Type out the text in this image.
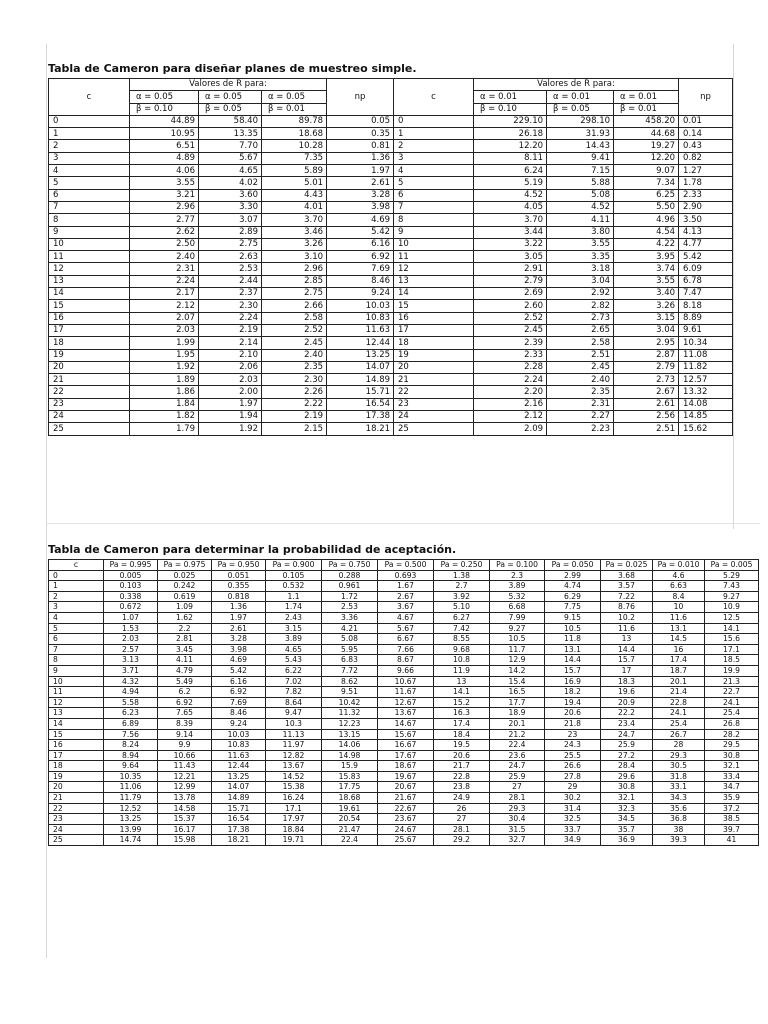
Tabla de Cameron para diseñar planes de muestreo simple.
	Valores de R para:					Valores de R para:			
c	α = 0.05	α = 0.05	α = 0.05	np	c	α = 0.01	α = 0.01	α = 0.01	np
	β = 0.10	β = 0.05	β = 0.01			β = 0.10	β = 0.05	β = 0.01	
0	44.89	58.40	89.78	0.05	0	229.10	298.10	458.20	0.01
1	10.95	13.35	18.68	0.35	1	26.18	31.93	44.68	0.14
2	6.51	7.70	10.28	0.81	2	12.20	14.43	19.27	0.43
3	4.89	5.67	7.35	1.36	3	8.11	9.41	12.20	0.82
4	4.06	4.65	5.89	1.97	4	6.24	7.15	9.07	1.27
5	3.55	4.02	5.01	2.61	5	5.19	5.88	7.34	1.78
6	3.21	3.60	4.43	3.28	6	4.52	5.08	6.25	2.33
7	2.96	3.30	4.01	3.98	7	4.05	4.52	5.50	2.90
8	2.77	3.07	3.70	4.69	8	3.70	4.11	4.96	3.50
9	2.62	2.89	3.46	5.42	9	3.44	3.80	4.54	4.13
10	2.50	2.75	3.26	6.16	10	3.22	3.55	4.22	4.77
11	2.40	2.63	3.10	6.92	11	3.05	3.35	3.95	5.42
12	2.31	2.53	2.96	7.69	12	2.91	3.18	3.74	6.09
13	2.24	2.44	2.85	8.46	13	2.79	3.04	3.55	6.78
14	2.17	2.37	2.75	9.24	14	2.69	2.92	3.40	7.47
15	2.12	2.30	2.66	10.03	15	2.60	2.82	3.26	8.18
16	2.07	2.24	2.58	10.83	16	2.52	2.73	3.15	8.89
17	2.03	2.19	2.52	11.63	17	2.45	2.65	3.04	9.61
18	1.99	2.14	2.45	12.44	18	2.39	2.58	2.95	10.34
19	1.95	2.10	2.40	13.25	19	2.33	2.51	2.87	11.08
20	1.92	2.06	2.35	14.07	20	2.28	2.45	2.79	11.82
21	1.89	2.03	2.30	14.89	21	2.24	2.40	2.73	12.57
22	1.86	2.00	2.26	15.71	22	2.20	2.35	2.67	13.32
23	1.84	1.97	2.22	16.54	23	2.16	2.31	2.61	14.08
24	1.82	1.94	2.19	17.38	24	2.12	2.27	2.56	14.85
25	1.79	1.92	2.15	18.21	25	2.09	2.23	2.51	15.62
Tabla de Cameron para determinar la probabilidad de aceptación.
c	Pa = 0.995	Pa = 0.975	Pa = 0.950	Pa = 0.900	Pa = 0.750	Pa = 0.500	Pa = 0.250	Pa = 0.100	Pa = 0.050	Pa = 0.025	Pa = 0.010	Pa = 0.005
0	0.005	0.025	0.051	0.105	0.288	0.693	1.38	2.3	2.99	3.68	4.6	5.29
1	0.103	0.242	0.355	0.532	0.961	1.67	2.7	3.89	4.74	3.57	6.63	7.43
2	0.338	0.619	0.818	1.1	1.72	2.67	3.92	5.32	6.29	7.22	8.4	9.27
3	0.672	1.09	1.36	1.74	2.53	3.67	5.10	6.68	7.75	8.76	10	10.9
4	1.07	1.62	1.97	2.43	3.36	4.67	6.27	7.99	9.15	10.2	11.6	12.5
5	1.53	2.2	2.61	3.15	4.21	5.67	7.42	9.27	10.5	11.6	13.1	14.1
6	2.03	2.81	3.28	3.89	5.08	6.67	8.55	10.5	11.8	13	14.5	15.6
7	2.57	3.45	3.98	4.65	5.95	7.66	9.68	11.7	13.1	14.4	16	17.1
8	3.13	4.11	4.69	5.43	6.83	8.67	10.8	12.9	14.4	15.7	17.4	18.5
9	3.71	4.79	5.42	6.22	7.72	9.66	11.9	14.2	15.7	17	18.7	19.9
10	4.32	5.49	6.16	7.02	8.62	10.67	13	15.4	16.9	18.3	20.1	21.3
11	4.94	6.2	6.92	7.82	9.51	11.67	14.1	16.5	18.2	19.6	21.4	22.7
12	5.58	6.92	7.69	8.64	10.42	12.67	15.2	17.7	19.4	20.9	22.8	24.1
13	6.23	7.65	8.46	9.47	11.32	13.67	16.3	18.9	20.6	22.2	24.1	25.4
14	6.89	8.39	9.24	10.3	12.23	14.67	17.4	20.1	21.8	23.4	25.4	26.8
15	7.56	9.14	10.03	11.13	13.15	15.67	18.4	21.2	23	24.7	26.7	28.2
16	8.24	9.9	10.83	11.97	14.06	16.67	19.5	22.4	24.3	25.9	28	29.5
17	8.94	10.66	11.63	12.82	14.98	17.67	20.6	23.6	25.5	27.2	29.3	30.8
18	9.64	11.43	12.44	13.67	15.9	18.67	21.7	24.7	26.6	28.4	30.5	32.1
19	10.35	12.21	13.25	14.52	15.83	19.67	22.8	25.9	27.8	29.6	31.8	33.4
20	11.06	12.99	14.07	15.38	17.75	20.67	23.8	27	29	30.8	33.1	34.7
21	11.79	13.78	14.89	16.24	18.68	21.67	24.9	28.1	30.2	32.1	34.3	35.9
22	12.52	14.58	15.71	17.1	19.61	22.67	26	29.3	31.4	32.3	35.6	37.2
23	13.25	15.37	16.54	17.97	20.54	23.67	27	30.4	32.5	34.5	36.8	38.5
24	13.99	16.17	17.38	18.84	21.47	24.67	28.1	31.5	33.7	35.7	38	39.7
25	14.74	15.98	18.21	19.71	22.4	25.67	29.2	32.7	34.9	36.9	39.3	41
